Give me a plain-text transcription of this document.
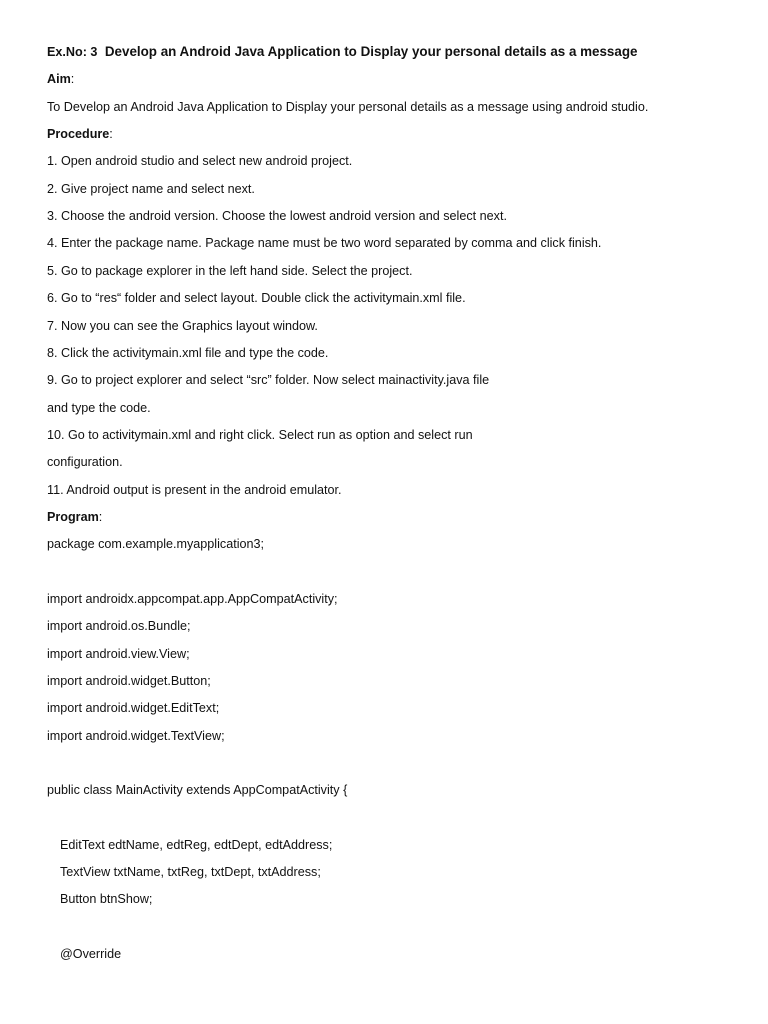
Ex.No: 3 Develop an Android Java Application to Display your personal details as a message
Aim:
To Develop an Android Java Application to Display your personal details as a message using android studio.
Procedure:
1. Open android studio and select new android project.
2. Give project name and select next.
3. Choose the android version. Choose the lowest android version and select next.
4. Enter the package name. Package name must be two word separated by comma and click finish.
5. Go to package explorer in the left hand side. Select the project.
6. Go to “res“ folder and select layout. Double click the activitymain.xml file.
7. Now you can see the Graphics layout window.
8. Click the activitymain.xml file and type the code.
9. Go to project explorer and select “src” folder. Now select mainactivity.java file
and type the code.
10. Go to activitymain.xml and right click. Select run as option and select run
configuration.
11. Android output is present in the android emulator.
Program:
package com.example.myapplication3;
import androidx.appcompat.app.AppCompatActivity;
import android.os.Bundle;
import android.view.View;
import android.widget.Button;
import android.widget.EditText;
import android.widget.TextView;
public class MainActivity extends AppCompatActivity {
EditText edtName, edtReg, edtDept, edtAddress;
TextView txtName, txtReg, txtDept, txtAddress;
Button btnShow;
@Override
